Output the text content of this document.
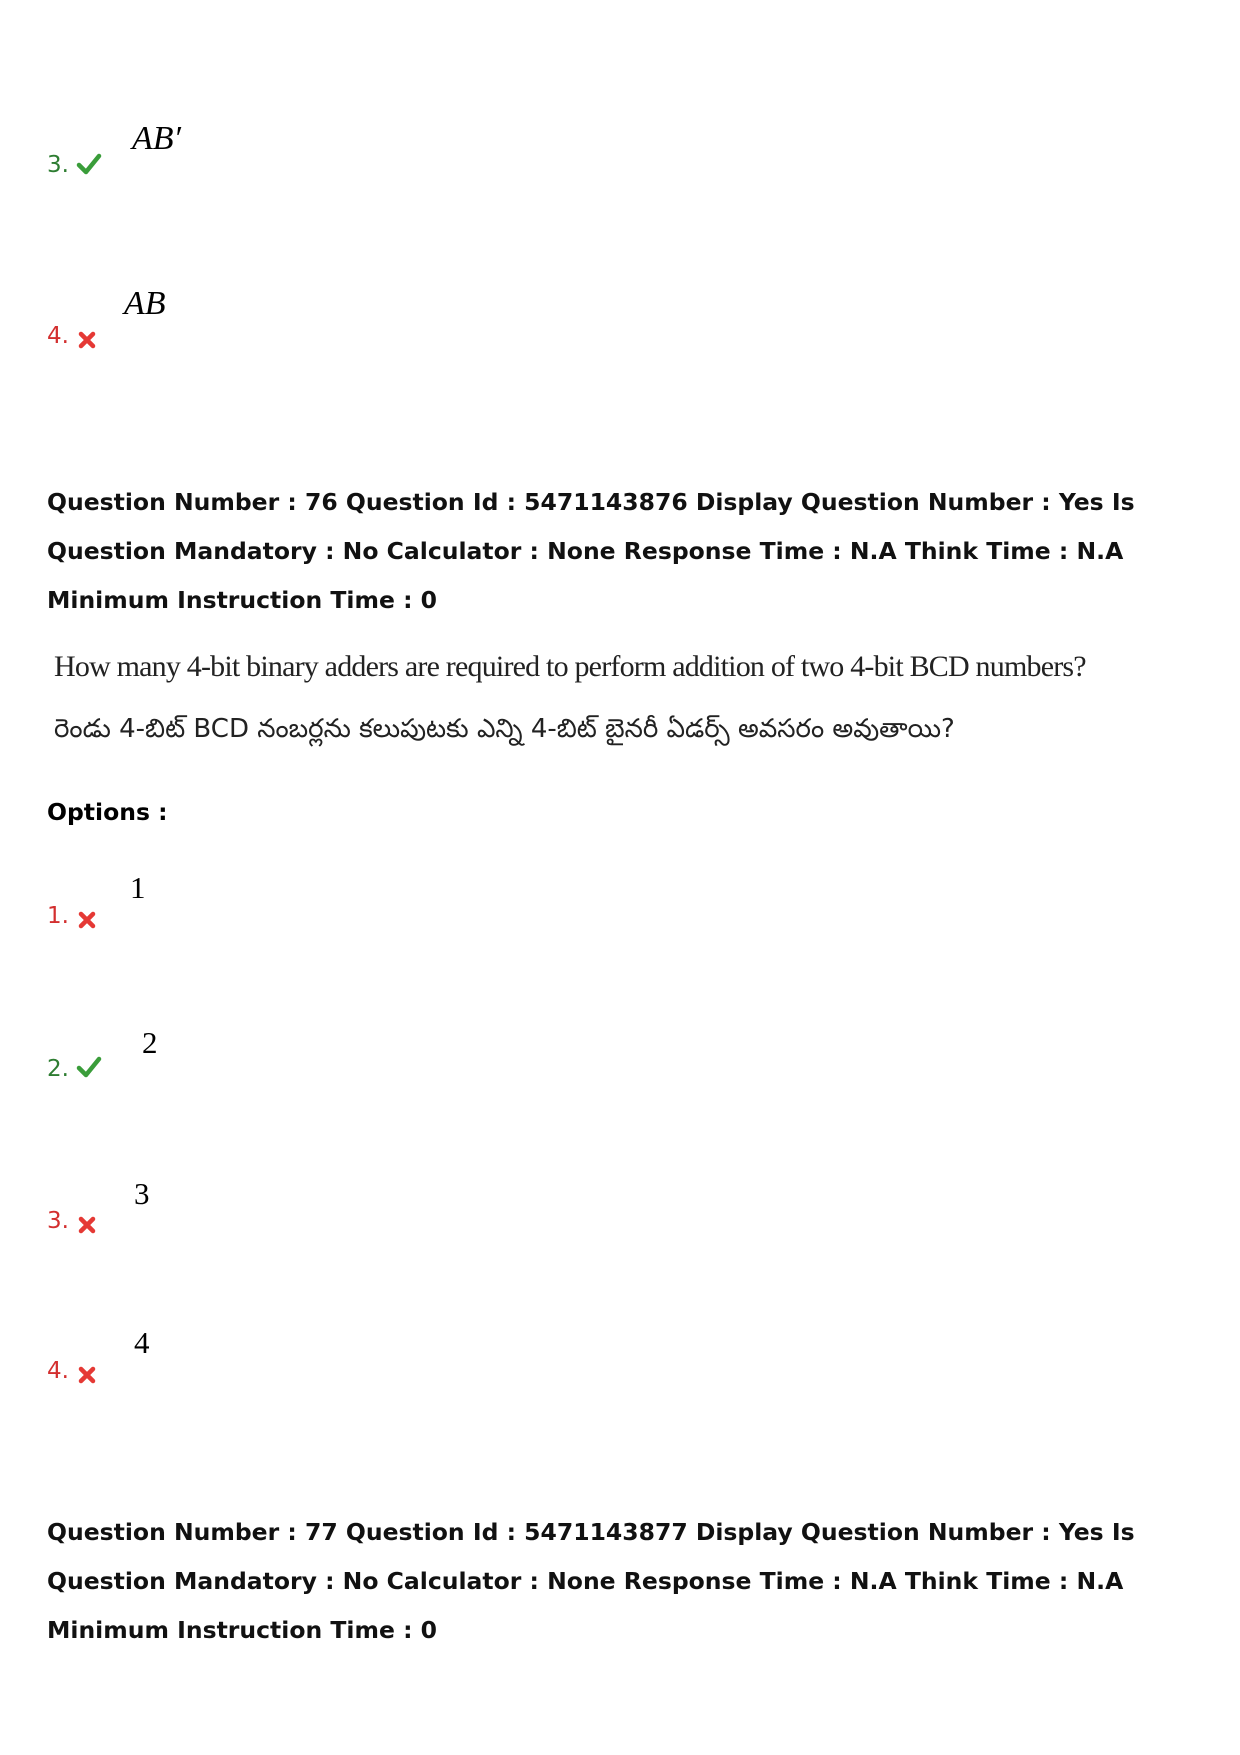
3.
AB′
4.
AB
Question Number : 76 Question Id : 5471143876 Display Question Number : Yes Is Question Mandatory : No Calculator : None Response Time : N.A Think Time : N.A Minimum Instruction Time : 0
How many 4-bit binary adders are required to perform addition of two 4-bit BCD numbers?
రెండు 4-బిట్ BCD నంబర్లను కలుపుటకు ఎన్ని 4-బిట్ బైనరీ ఏడర్స్ అవసరం అవుతాయి?
Options :
1.
1
2.
2
3.
3
4.
4
Question Number : 77 Question Id : 5471143877 Display Question Number : Yes Is Question Mandatory : No Calculator : None Response Time : N.A Think Time : N.A Minimum Instruction Time : 0
